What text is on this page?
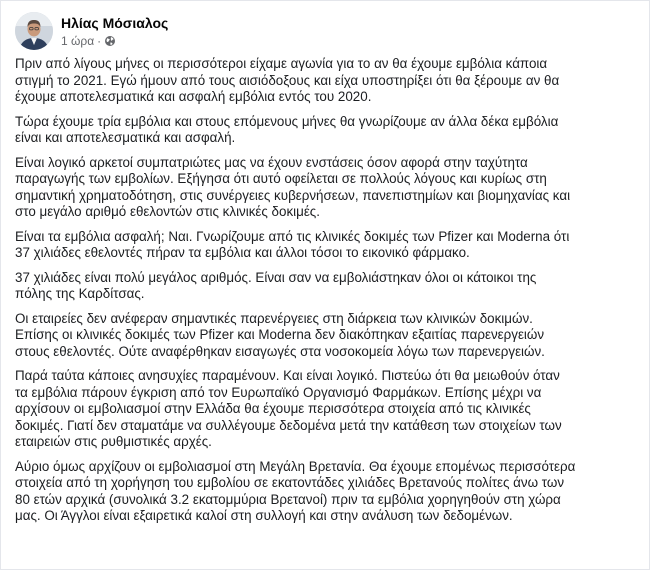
Ηλίας Μόσιαλος
1 ώρα ·

Πριν από λίγους μήνες οι περισσότεροι είχαμε αγωνία για το αν θα έχουμε εμβόλια κάποια
στιγμή το 2021. Εγώ ήμουν από τους αισιόδοξους και είχα υποστηρίξει ότι θα ξέρουμε αν θα
έχουμε αποτελεσματικά και ασφαλή εμβόλια εντός του 2020.

Τώρα έχουμε τρία εμβόλια και στους επόμενους μήνες θα γνωρίζουμε αν άλλα δέκα εμβόλια
είναι και αποτελεσματικά και ασφαλή.

Είναι λογικό αρκετοί συμπατριώτες μας να έχουν ενστάσεις όσον αφορά στην ταχύτητα
παραγωγής των εμβολίων. Εξήγησα ότι αυτό οφείλεται σε πολλούς λόγους και κυρίως στη
σημαντική χρηματοδότηση, στις συνέργειες κυβερνήσεων, πανεπιστημίων και βιομηχανίας και
στο μεγάλο αριθμό εθελοντών στις κλινικές δοκιμές.

Είναι τα εμβόλια ασφαλή; Ναι. Γνωρίζουμε από τις κλινικές δοκιμές των Pfizer και Moderna ότι
37 χιλιάδες εθελοντές πήραν τα εμβόλια και άλλοι τόσοι το εικονικό φάρμακο.

37 χιλιάδες είναι πολύ μεγάλος αριθμός. Είναι σαν να εμβολιάστηκαν όλοι οι κάτοικοι της
πόλης της Καρδίτσας.

Οι εταιρείες δεν ανέφεραν σημαντικές παρενέργειες στη διάρκεια των κλινικών δοκιμών.
Επίσης οι κλινικές δοκιμές των Pfizer και Moderna δεν διακόπηκαν εξαιτίας παρενεργειών
στους εθελοντές. Ούτε αναφέρθηκαν εισαγωγές στα νοσοκομεία λόγω των παρενεργειών.

Παρά ταύτα κάποιες ανησυχίες παραμένουν. Και είναι λογικό. Πιστεύω ότι θα μειωθούν όταν
τα εμβόλια πάρουν έγκριση από τον Ευρωπαϊκό Οργανισμό Φαρμάκων. Επίσης μέχρι να
αρχίσουν οι εμβολιασμοί στην Ελλάδα θα έχουμε περισσότερα στοιχεία από τις κλινικές
δοκιμές. Γιατί δεν σταματάμε να συλλέγουμε δεδομένα μετά την κατάθεση των στοιχείων των
εταιρειών στις ρυθμιστικές αρχές.

Αύριο όμως αρχίζουν οι εμβολιασμοί στη Μεγάλη Βρετανία. Θα έχουμε επομένως περισσότερα
στοιχεία από τη χορήγηση του εμβολίου σε εκατοντάδες χιλιάδες Βρετανούς πολίτες άνω των
80 ετών αρχικά (συνολικά 3.2 εκατομμύρια Βρετανοί) πριν τα εμβόλια χορηγηθούν στη χώρα
μας. Οι Άγγλοι είναι εξαιρετικά καλοί στη συλλογή και στην ανάλυση των δεδομένων.
